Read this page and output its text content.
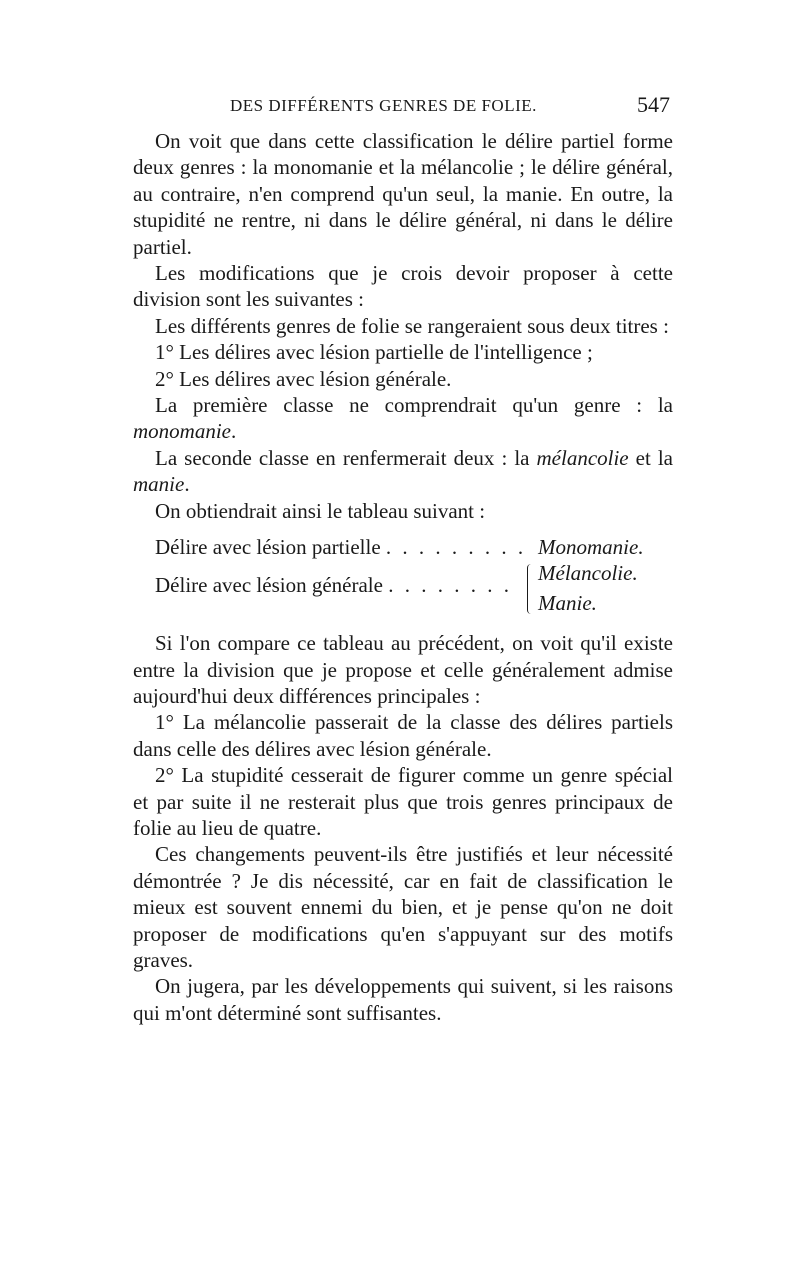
DES DIFFÉRENTS GENRES DE FOLIE.	547

On voit que dans cette classification le délire partiel forme deux genres : la monomanie et la mélancolie ; le délire général, au contraire, n'en comprend qu'un seul, la manie. En outre, la stupidité ne rentre, ni dans le délire général, ni dans le délire partiel.

Les modifications que je crois devoir proposer à cette division sont les suivantes :

Les différents genres de folie se rangeraient sous deux titres :

1° Les délires avec lésion partielle de l'intelligence ;

2° Les délires avec lésion générale.

La première classe ne comprendrait qu'un genre : la monomanie.

La seconde classe en renfermerait deux : la mélancolie et la manie.

On obtiendrait ainsi le tableau suivant :

Délire avec lésion partielle . . . . . . . . . Monomanie.
Délire avec lésion générale . . . . . . . . Mélancolie.
Manie.

Si l'on compare ce tableau au précédent, on voit qu'il existe entre la division que je propose et celle généralement admise aujourd'hui deux différences principales :

1° La mélancolie passerait de la classe des délires partiels dans celle des délires avec lésion générale.

2° La stupidité cesserait de figurer comme un genre spécial et par suite il ne resterait plus que trois genres principaux de folie au lieu de quatre.

Ces changements peuvent-ils être justifiés et leur nécessité démontrée ? Je dis nécessité, car en fait de classification le mieux est souvent ennemi du bien, et je pense qu'on ne doit proposer de modifications qu'en s'appuyant sur des motifs graves.

On jugera, par les développements qui suivent, si les raisons qui m'ont déterminé sont suffisantes.
